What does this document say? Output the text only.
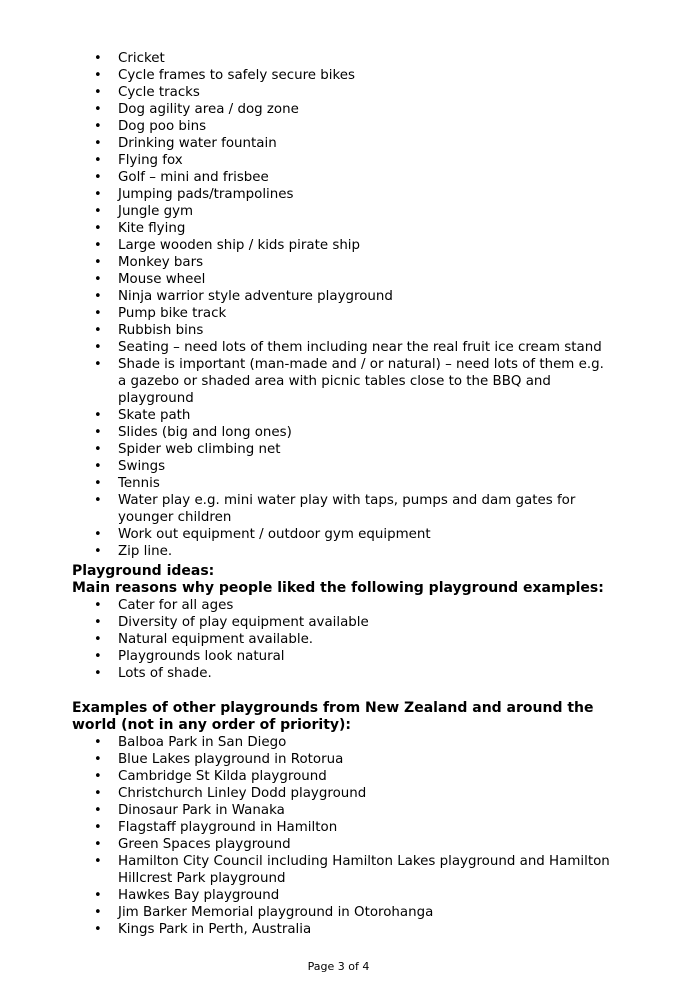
• Cricket
• Cycle frames to safely secure bikes
• Cycle tracks
• Dog agility area / dog zone
• Dog poo bins
• Drinking water fountain
• Flying fox
• Golf – mini and frisbee
• Jumping pads/trampolines
• Jungle gym
• Kite flying
• Large wooden ship / kids pirate ship
• Monkey bars
• Mouse wheel
• Ninja warrior style adventure playground
• Pump bike track
• Rubbish bins
• Seating – need lots of them including near the real fruit ice cream stand
• Shade is important (man-made and / or natural) – need lots of them e.g. a gazebo or shaded area with picnic tables close to the BBQ and playground
• Skate path
• Slides (big and long ones)
• Spider web climbing net
• Swings
• Tennis
• Water play e.g. mini water play with taps, pumps and dam gates for younger children
• Work out equipment / outdoor gym equipment
• Zip line.
Playground ideas:
Main reasons why people liked the following playground examples:
• Cater for all ages
• Diversity of play equipment available
• Natural equipment available.
• Playgrounds look natural
• Lots of shade.
Examples of other playgrounds from New Zealand and around the world (not in any order of priority):
• Balboa Park in San Diego
• Blue Lakes playground in Rotorua
• Cambridge St Kilda playground
• Christchurch Linley Dodd playground
• Dinosaur Park in Wanaka
• Flagstaff playground in Hamilton
• Green Spaces playground
• Hamilton City Council including Hamilton Lakes playground and Hamilton Hillcrest Park playground
• Hawkes Bay playground
• Jim Barker Memorial playground in Otorohanga
• Kings Park in Perth, Australia
Page 3 of 4
